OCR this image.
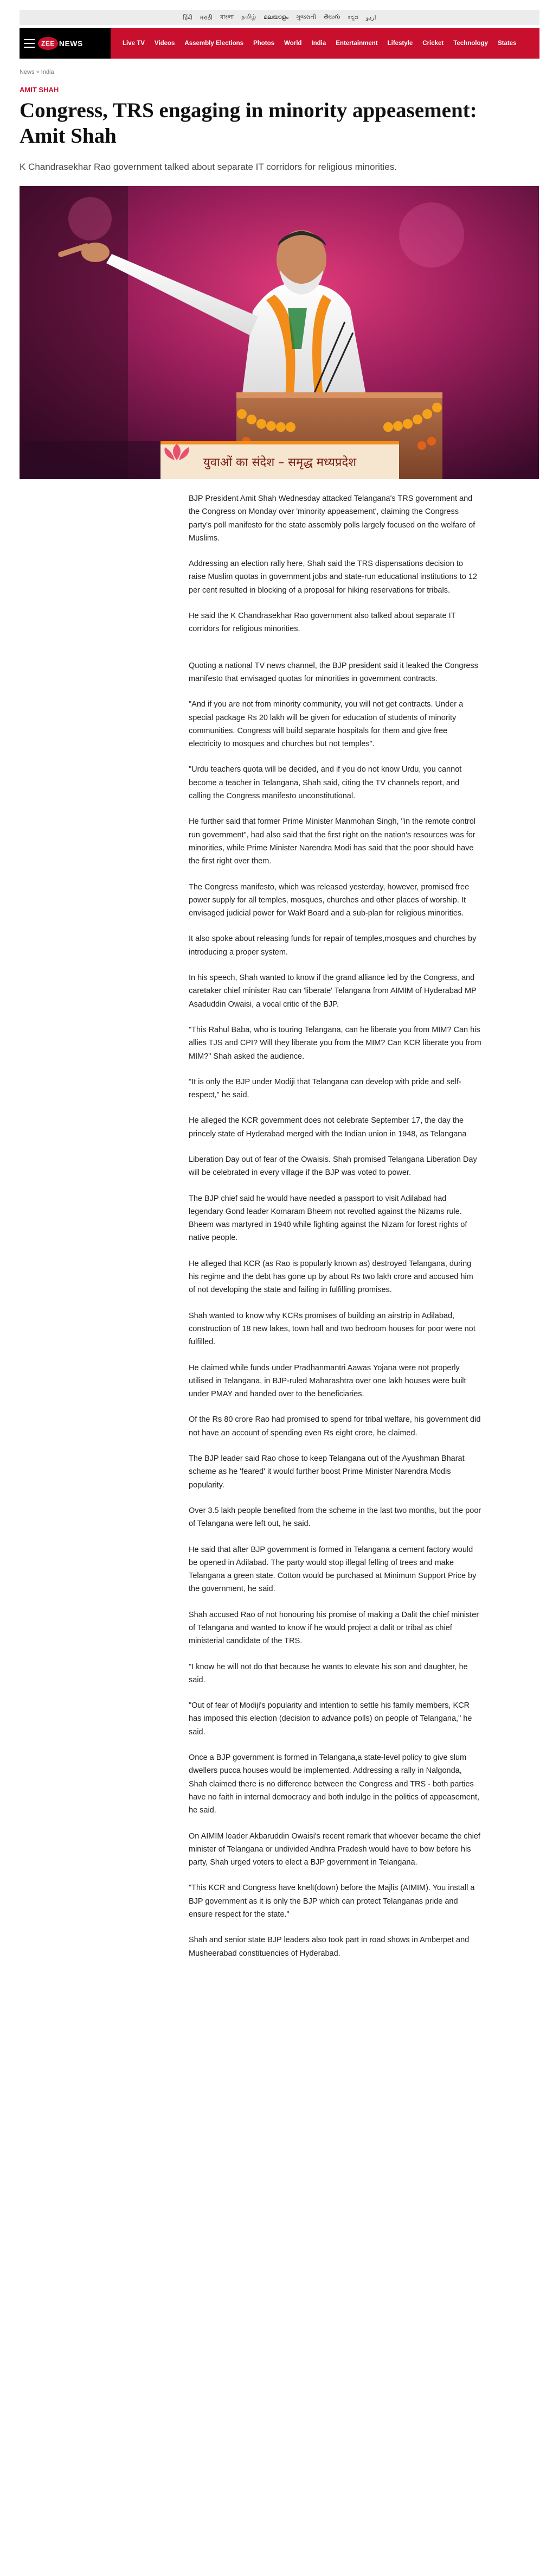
हिंदी मराठी বাংলা தமிழ் മലയാളം ગુજરાતી తెలుగు ಕನ್ನಡ اردو
ZEE NEWS	Live TV Videos Assembly Elections Photos World India Entertainment Lifestyle Cricket Technology States
News » India
AMIT SHAH
Congress, TRS engaging in minority appeasement: Amit Shah
K Chandrasekhar Rao government talked about separate IT corridors for religious minorities.
युवाओं का संदेश – समृद्ध मध्यप्रदेश

BJP President Amit Shah Wednesday attacked Telangana's TRS government and the Congress on Monday over 'minority appeasement', claiming the Congress party's poll manifesto for the state assembly polls largely focused on the welfare of Muslims.

Addressing an election rally here, Shah said the TRS dispensations decision to raise Muslim quotas in government jobs and state-run educational institutions to 12 per cent resulted in blocking of a proposal for hiking reservations for tribals.

He said the K Chandrasekhar Rao government also talked about separate IT corridors for religious minorities.

Quoting a national TV news channel, the BJP president said it leaked the Congress manifesto that envisaged quotas for minorities in government contracts.

"And if you are not from minority community, you will not get contracts. Under a special package Rs 20 lakh will be given for education of students of minority communities. Congress will build separate hospitals for them and give free electricity to mosques and churches but not temples".

"Urdu teachers quota will be decided, and if you do not know Urdu, you cannot become a teacher in Telangana, Shah said, citing the TV channels report, and calling the Congress manifesto unconstitutional.

He further said that former Prime Minister Manmohan Singh, "in the remote control run government", had also said that the first right on the nation's resources was for minorities, while Prime Minister Narendra Modi has said that the poor should have the first right over them.

The Congress manifesto, which was released yesterday, however, promised free power supply for all temples, mosques, churches and other places of worship. It envisaged judicial power for Wakf Board and a sub-plan for religious minorities.

It also spoke about releasing funds for repair of temples,mosques and churches by introducing a proper system.

In his speech, Shah wanted to know if the grand alliance led by the Congress, and caretaker chief minister Rao can 'liberate' Telangana from AIMIM of Hyderabad MP Asaduddin Owaisi, a vocal critic of the BJP.

"This Rahul Baba, who is touring Telangana, can he liberate you from MIM? Can his allies TJS and CPI? Will they liberate you from the MIM? Can KCR liberate you from MIM?" Shah asked the audience.

"It is only the BJP under Modiji that Telangana can develop with pride and self-respect," he said.

He alleged the KCR government does not celebrate September 17, the day the princely state of Hyderabad merged with the Indian union in 1948, as Telangana

Liberation Day out of fear of the Owaisis. Shah promised Telangana Liberation Day will be celebrated in every village if the BJP was voted to power.

The BJP chief said he would have needed a passport to visit Adilabad had legendary Gond leader Komaram Bheem not revolted against the Nizams rule. Bheem was martyred in 1940 while fighting against the Nizam for forest rights of native people.

He alleged that KCR (as Rao is popularly known as) destroyed Telangana, during his regime and the debt has gone up by about Rs two lakh crore and accused him of not developing the state and failing in fulfilling promises.

Shah wanted to know why KCRs promises of building an airstrip in Adilabad, construction of 18 new lakes, town hall and two bedroom houses for poor were not fulfilled.

He claimed while funds under Pradhanmantri Aawas Yojana were not properly utilised in Telangana, in BJP-ruled Maharashtra over one lakh houses were built under PMAY and handed over to the beneficiaries.

Of the Rs 80 crore Rao had promised to spend for tribal welfare, his government did not have an account of spending even Rs eight crore, he claimed.

The BJP leader said Rao chose to keep Telangana out of the Ayushman Bharat scheme as he 'feared' it would further boost Prime Minister Narendra Modis popularity.

Over 3.5 lakh people benefited from the scheme in the last two months, but the poor of Telangana were left out, he said.

He said that after BJP government is formed in Telangana a cement factory would be opened in Adilabad. The party would stop illegal felling of trees and make Telangana a green state. Cotton would be purchased at Minimum Support Price by the government, he said.

Shah accused Rao of not honouring his promise of making a Dalit the chief minister of Telangana and wanted to know if he would project a dalit or tribal as chief ministerial candidate of the TRS.

"I know he will not do that because he wants to elevate his son and daughter, he said.

"Out of fear of Modiji's popularity and intention to settle his family members, KCR has imposed this election (decision to advance polls) on people of Telangana," he said.

Once a BJP government is formed in Telangana,a state-level policy to give slum dwellers pucca houses would be implemented. Addressing a rally in Nalgonda, Shah claimed there is no difference between the Congress and TRS - both parties have no faith in internal democracy and both indulge in the politics of appeasement, he said.

On AIMIM leader Akbaruddin Owaisi's recent remark that whoever became the chief minister of Telangana or undivided Andhra Pradesh would have to bow before his party, Shah urged voters to elect a BJP government in Telangana.

"This KCR and Congress have knelt(down) before the Majlis (AIMIM). You install a BJP government as it is only the BJP which can protect Telanganas pride and ensure respect for the state."

Shah and senior state BJP leaders also took part in road shows in Amberpet and Musheerabad constituencies of Hyderabad.
